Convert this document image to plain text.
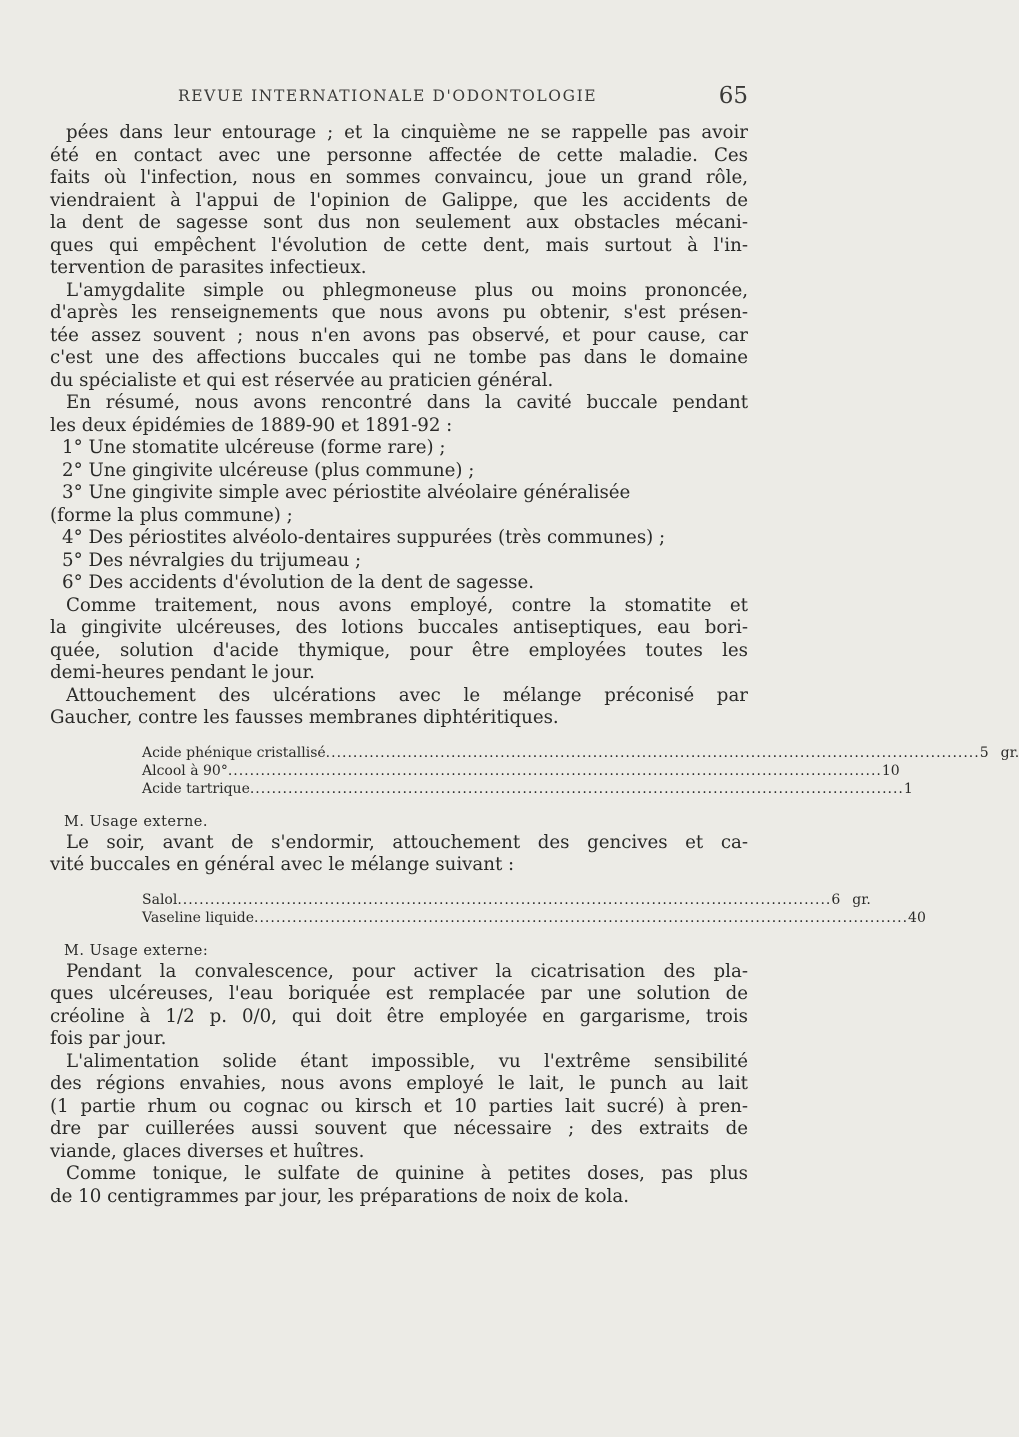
REVUE INTERNATIONALE D'ODONTOLOGIE	65
pées dans leur entourage ; et la cinquième ne se rappelle pas avoir
été en contact avec une personne affectée de cette maladie. Ces
faits où l'infection, nous en sommes convaincu, joue un grand rôle,
viendraient à l'appui de l'opinion de Galippe, que les accidents de
la dent de sagesse sont dus non seulement aux obstacles mécani-
ques qui empêchent l'évolution de cette dent, mais surtout à l'in-
tervention de parasites infectieux.
L'amygdalite simple ou phlegmoneuse plus ou moins prononcée,
d'après les renseignements que nous avons pu obtenir, s'est présen-
tée assez souvent ; nous n'en avons pas observé, et pour cause, car
c'est une des affections buccales qui ne tombe pas dans le domaine
du spécialiste et qui est réservée au praticien général.
En résumé, nous avons rencontré dans la cavité buccale pendant
les deux épidémies de 1889-90 et 1891-92 :
1° Une stomatite ulcéreuse (forme rare) ;
2° Une gingivite ulcéreuse (plus commune) ;
3° Une gingivite simple avec périostite alvéolaire généralisée
(forme la plus commune) ;
4° Des périostites alvéolo-dentaires suppurées (très communes) ;
5° Des névralgies du trijumeau ;
6° Des accidents d'évolution de la dent de sagesse.
Comme traitement, nous avons employé, contre la stomatite et
la gingivite ulcéreuses, des lotions buccales antiseptiques, eau bori-
quée, solution d'acide thymique, pour être employées toutes les
demi-heures pendant le jour.
Attouchement des ulcérations avec le mélange préconisé par
Gaucher, contre les fausses membranes diphtéritiques.
Acide phénique cristallisé ........................................................................................................................ 5 gr.
Alcool à 90° ........................................................................................................................ 10
Acide tartrique ........................................................................................................................ 1
M. Usage externe.
Le soir, avant de s'endormir, attouchement des gencives et ca-
vité buccales en général avec le mélange suivant :
Salol ........................................................................................................................ 6 gr.
Vaseline liquide ........................................................................................................................ 40
M. Usage externe:
Pendant la convalescence, pour activer la cicatrisation des pla-
ques ulcéreuses, l'eau boriquée est remplacée par une solution de
créoline à 1/2 p. 0/0, qui doit être employée en gargarisme, trois
fois par jour.
L'alimentation solide étant impossible, vu l'extrême sensibilité
des régions envahies, nous avons employé le lait, le punch au lait
(1 partie rhum ou cognac ou kirsch et 10 parties lait sucré) à pren-
dre par cuillerées aussi souvent que nécessaire ; des extraits de
viande, glaces diverses et huîtres.
Comme tonique, le sulfate de quinine à petites doses, pas plus
de 10 centigrammes par jour, les préparations de noix de kola.
